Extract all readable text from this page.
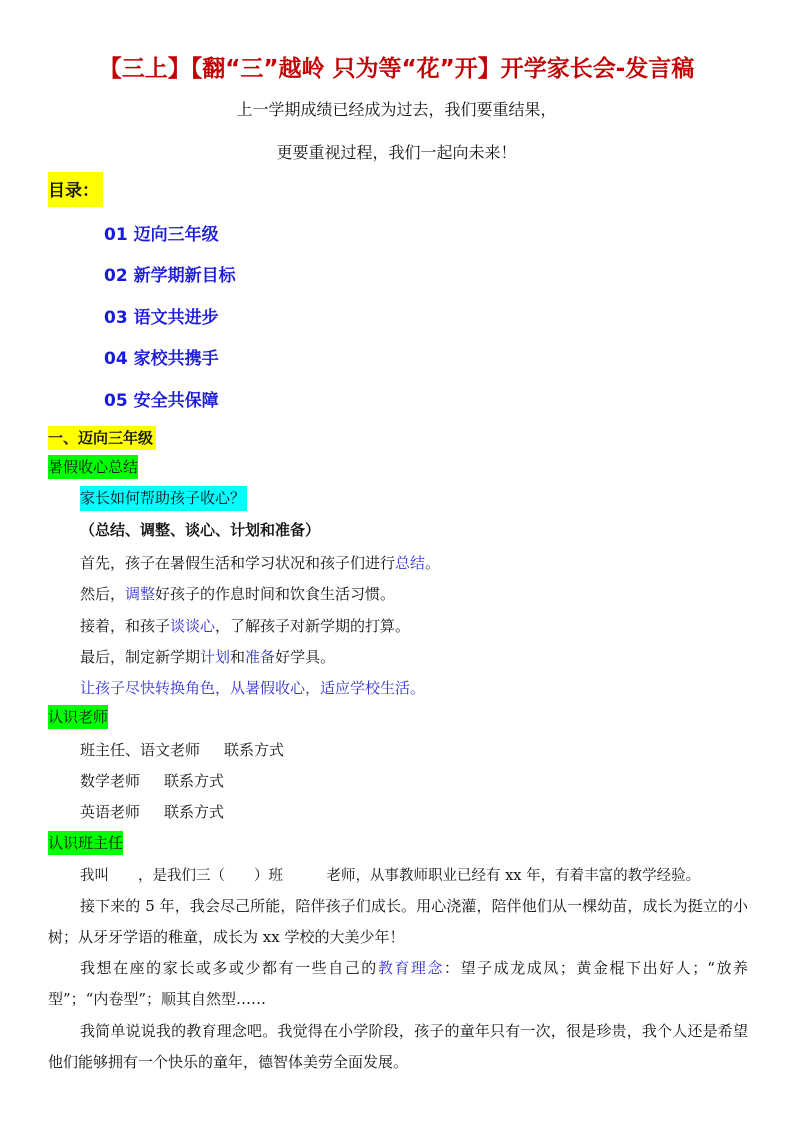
【三上】【翻“三”越岭 只为等“花”开】开学家长会-发言稿
上一学期成绩已经成为过去，我们要重结果，
更要重视过程，我们一起向未来！
目录：
01 迈向三年级
02 新学期新目标
03 语文共进步
04 家校共携手
05 安全共保障
一、迈向三年级
暑假收心总结
家长如何帮助孩子收心？
（总结、调整、谈心、计划和准备）
首先，孩子在暑假生活和学习状况和孩子们进行总结。
然后，调整好孩子的作息时间和饮食生活习惯。
接着，和孩子谈谈心，了解孩子对新学期的打算。
最后，制定新学期计划和准备好学具。
让孩子尽快转换角色，从暑假收心，适应学校生活。
认识老师
班主任、语文老师 联系方式
数学老师 联系方式
英语老师 联系方式
认识班主任
我叫　　，是我们三（　　）班　　　老师，从事教师职业已经有 xx 年，有着丰富的教学经验。
接下来的 5 年，我会尽己所能，陪伴孩子们成长。用心浇灌，陪伴他们从一棵幼苗，成长为挺立的小树；从牙牙学语的稚童，成长为 xx 学校的大美少年！
我想在座的家长或多或少都有一些自己的教育理念：望子成龙成凤；黄金棍下出好人；“放养型”；“内卷型”；顺其自然型……
我简单说说我的教育理念吧。我觉得在小学阶段，孩子的童年只有一次，很是珍贵，我个人还是希望他们能够拥有一个快乐的童年，德智体美劳全面发展。
